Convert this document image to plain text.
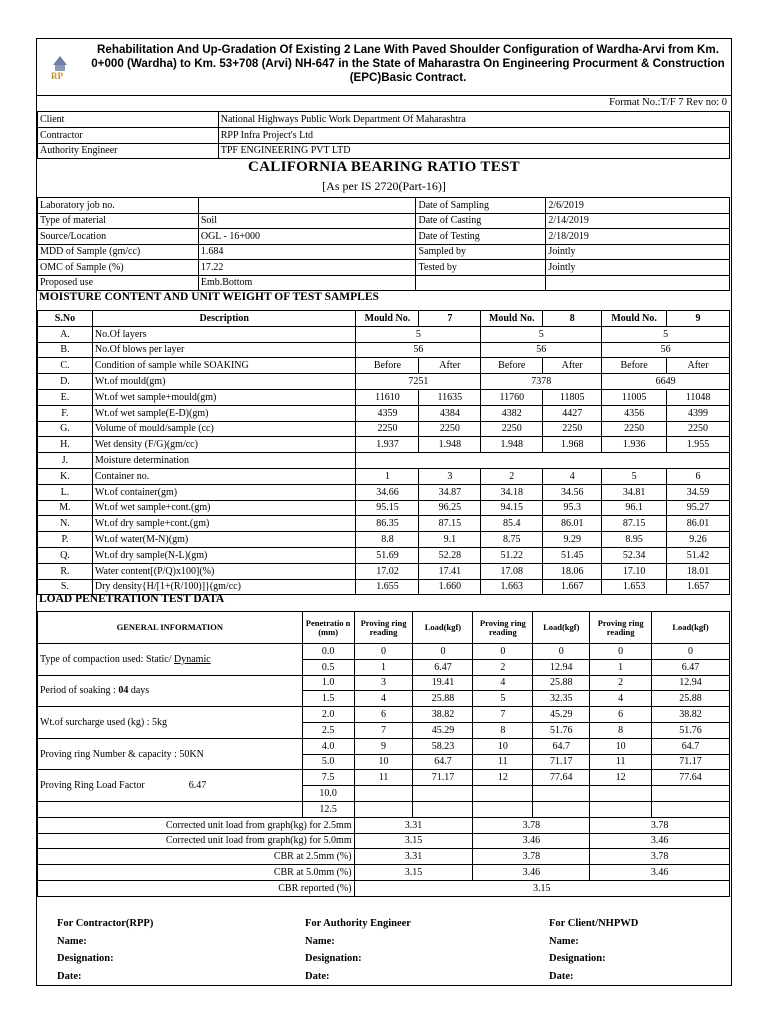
RP
Rehabilitation And Up-Gradation Of Existing 2 Lane With Paved Shoulder Configuration of Wardha-Arvi from Km. 0+000 (Wardha) to Km. 53+708 (Arvi) NH-647 in the State of Maharastra On Engineering Procurment & Construction (EPC)Basic Contract.
Format No.:T/F 7 Rev no: 0
Client	National Highways Public Work Department Of Maharashtra
Contractor	RPP Infra Project's Ltd
Authority Engineer	TPF ENGINEERING PVT LTD
CALIFORNIA BEARING RATIO TEST
[As per IS 2720(Part-16)]
Laboratory job no.		Date of Sampling	2/6/2019
Type of material	Soil	Date of Casting	2/14/2019
Source/Location	OGL - 16+000	Date of Testing	2/18/2019
MDD of Sample (gm/cc)	1.684	Sampled by	Jointly
OMC of Sample (%)	17.22	Tested by	Jointly
Proposed use	Emb.Bottom		
MOISTURE CONTENT AND UNIT WEIGHT OF TEST SAMPLES
S.No	Description	Mould No.	7	Mould No.	8	Mould No.	9
A.	No.Of layers	5		5		5	
B.	No.Of blows per layer	56		56		56	
C.	Condition of sample while SOAKING	Before	After	Before	After	Before	After
D.	Wt.of mould(gm)	7251		7378		6649	
E.	Wt.of wet sample+mould(gm)	11610	11635	11760	11805	11005	11048
F.	Wt.of wet sample(E-D)(gm)	4359	4384	4382	4427	4356	4399
G.	Volume of mould/sample (cc)	2250	2250	2250	2250	2250	2250
H.	Wet density (F/G)(gm/cc)	1.937	1.948	1.948	1.968	1.936	1.955
J.	Moisture determination						
K.	Container no.	1	3	2	4	5	6
L.	Wt.of container(gm)	34.66	34.87	34.18	34.56	34.81	34.59
M.	Wt.of wet sample+cont.(gm)	95.15	96.25	94.15	95.3	96.1	95.27
N.	Wt.of dry sample+cont.(gm)	86.35	87.15	85.4	86.01	87.15	86.01
P.	Wt.of water(M-N)(gm)	8.8	9.1	8.75	9.29	8.95	9.26
Q.	Wt.of dry sample(N-L)(gm)	51.69	52.28	51.22	51.45	52.34	51.42
R.	Water content[(P/Q)x100](%)	17.02	17.41	17.08	18.06	17.10	18.01
S.	Dry density{H/[1+(R/100)]}(gm/cc)	1.655	1.660	1.663	1.667	1.653	1.657
LOAD PENETRATION TEST DATA
GENERAL INFORMATION	Penetratio n (mm)	Proving ring reading	Load(kgf)	Proving ring reading	Load(kgf)	Proving ring reading	Load(kgf)
Type of compaction used: Static/ Dynamic	0.0	0	0	0	0	0	0
	0.5	1	6.47	2	12.94	1	6.47
Period of soaking : 04 days	1.0	3	19.41	4	25.88	2	12.94
	1.5	4	25.88	5	32.35	4	25.88
Wt.of surcharge used (kg) : 5kg	2.0	6	38.82	7	45.29	6	38.82
	2.5	7	45.29	8	51.76	8	51.76
Proving ring Number & capacity : 50KN	4.0	9	58.23	10	64.7	10	64.7
	5.0	10	64.7	11	71.17	11	71.17
Proving Ring Load Factor 6.47	7.5	11	71.17	12	77.64	12	77.64
	10.0						
	12.5						
Corrected unit load from graph(kg) for 2.5mm		3.31		3.78		3.78	
Corrected unit load from graph(kg) for 5.0mm		3.15		3.46		3.46	
CBR at 2.5mm (%)		3.31		3.78		3.78	
CBR at 5.0mm (%)		3.15		3.46		3.46	
CBR reported (%)		3.15					
For Contractor(RPP)
Name:
Designation:
Date:
For Authority Engineer
Name:
Designation:
Date:
For Client/NHPWD
Name:
Designation:
Date:
